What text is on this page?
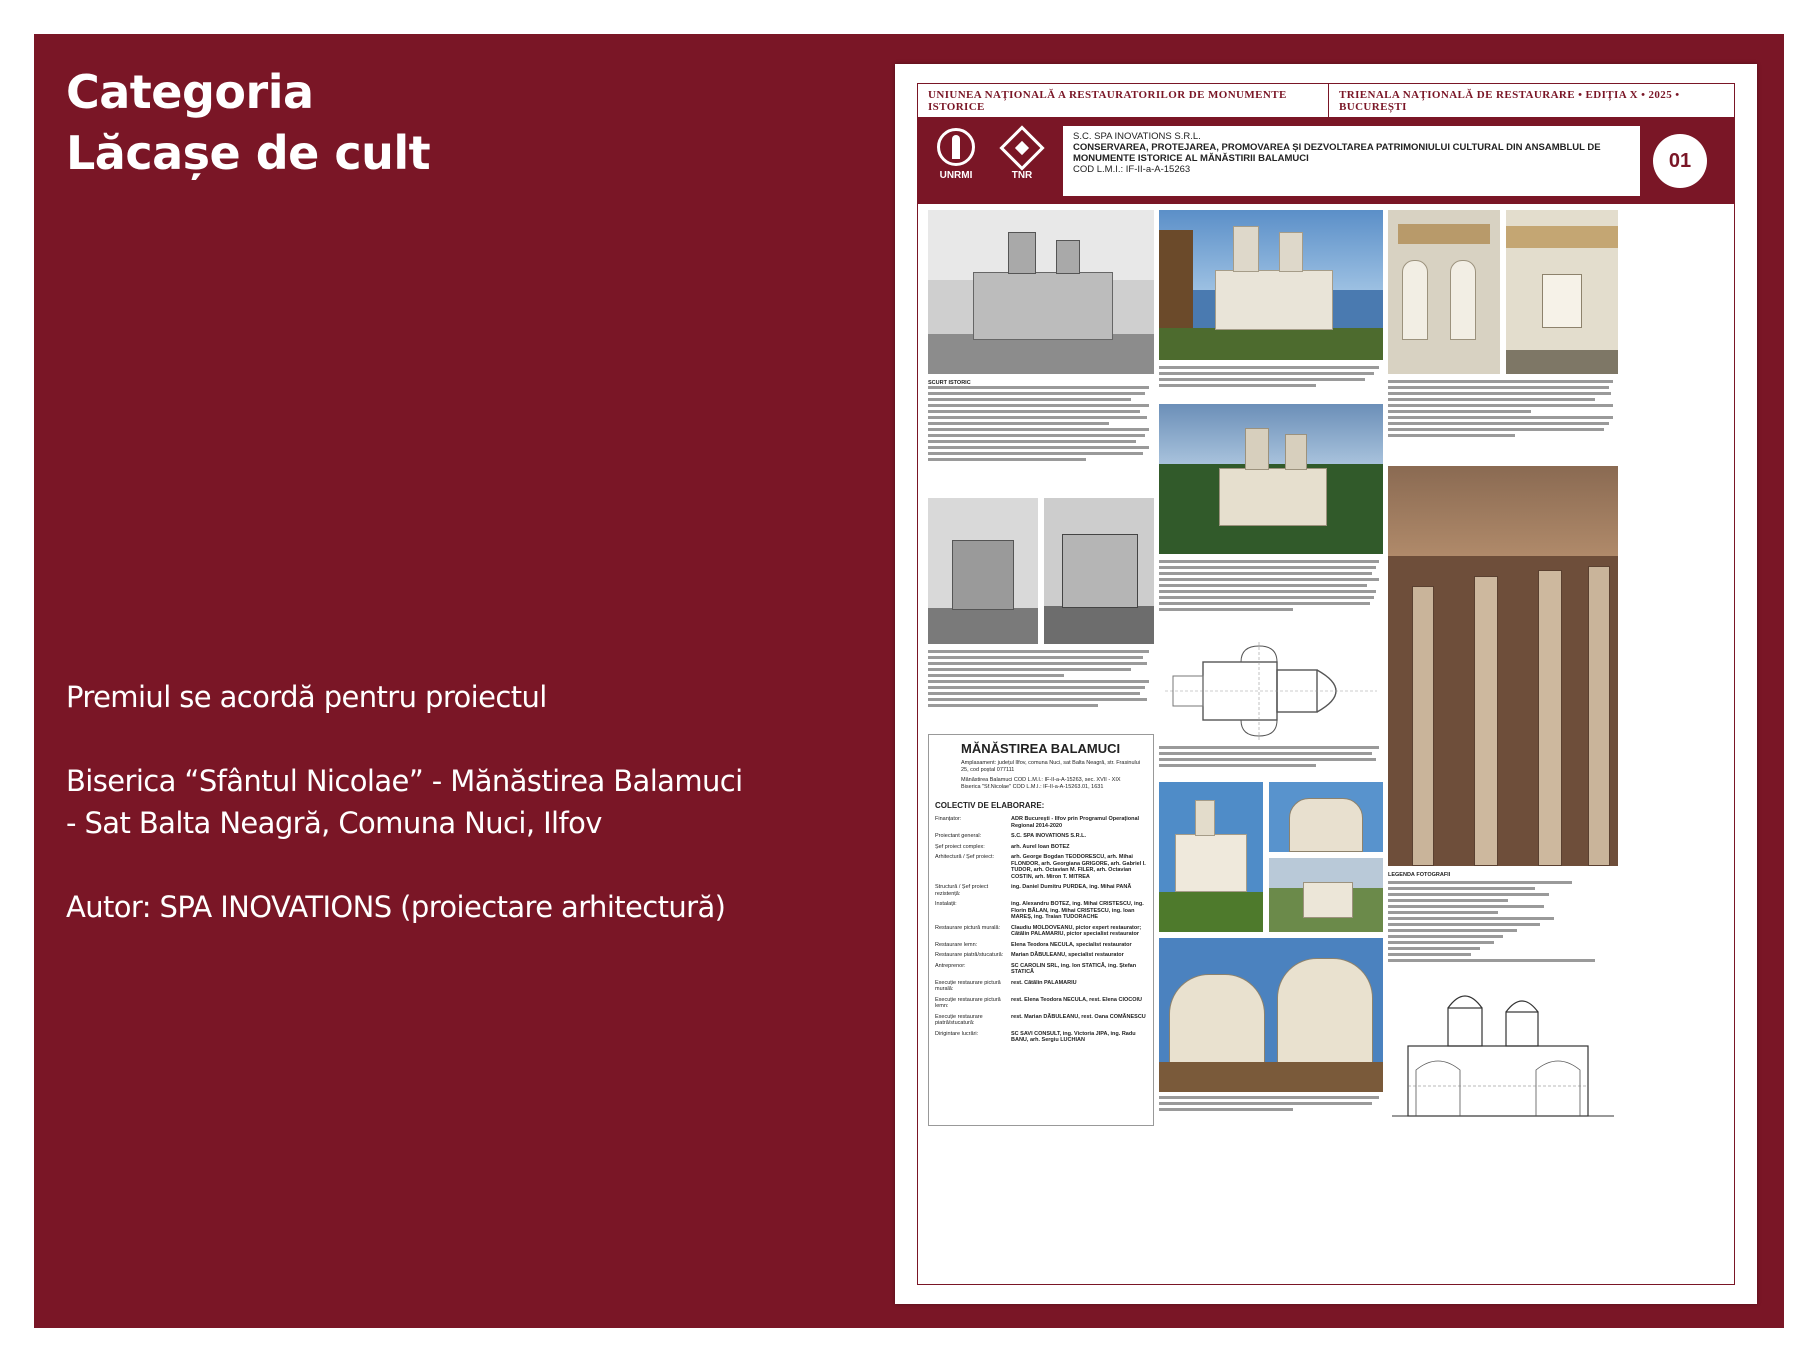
Categoria
Lăcașe de cult

Premiul se acordă pentru proiectul

Biserica “Sfântul Nicolae” - Mănăstirea Balamuci
- Sat Balta Neagră, Comuna Nuci, Ilfov

Autor: SPA INOVATIONS (proiectare arhitectură)

UNIUNEA NAȚIONALĂ A RESTAURATORILOR DE MONUMENTE ISTORICE
TRIENALA NAȚIONALĂ DE RESTAURARE • EDIȚIA X • 2025 • BUCUREȘTI
UNRMI	TNR
S.C. SPA INOVATIONS S.R.L.
CONSERVAREA, PROTEJAREA, PROMOVAREA ȘI DEZVOLTAREA PATRIMONIULUI CULTURAL DIN ANSAMBLUL DE MONUMENTE ISTORICE AL MĂNĂSTIRII BALAMUCI
COD L.M.I.: IF-II-a-A-15263	01
SCURT ISTORIC
MĂNĂSTIREA BALAMUCI
Amplasament: județul Ilfov, comuna Nuci, sat Balta Neagră, str. Frasinului 25, cod poștal 077111
Mănăstirea Balamuci COD L.M.I.: IF-II-a-A-15263, sec. XVII - XIX
Biserica "Sf.Nicolae" COD L.M.I.: IF-II-a-A-15263.01, 1631
COLECTIV DE ELABORARE:
Finanțator:	ADR București - Ilfov prin Programul Operațional Regional 2014-2020
Proiectant general:	S.C. SPA INOVATIONS S.R.L.
Șef proiect complex:	arh. Aurel Ioan BOTEZ
Arhitectură / Șef proiect:	arh. George Bogdan TEODORESCU, arh. Mihai FLONDOR, arh. Georgiana GRIGORE, arh. Gabriel I. TUDOR, arh. Octavian M. FILER, arh. Octavian COSTIN, arh. Miron T. MITREA
Structură / Șef proiect rezistență:
ing. Daniel Dumitru PURDEA, ing. Mihai PANĂ
Instalații:	ing. Alexandru BOTEZ, ing. Mihai CRISTESCU, ing. Florin BĂLAN, ing. Mihai CRISTESCU, ing. Ioan MAREȘ, ing. Traian TUDORACHE
Restaurare pictură murală:	Claudiu MOLDOVEANU, pictor expert restaurator; Cătălin PALAMARIU, pictor specialist restaurator
Restaurare lemn:	Elena Teodora NECULA, specialist restaurator
Restaurare piatră/stucatură:	Marian DĂBULEANU, specialist restaurator
Antreprenor:	SC CAROLIN SRL, ing. Ion STATICĂ, ing. Ștefan STATICĂ
Execuție restaurare pictură murală:
rest. Cătălin PALAMARIU
Execuție restaurare pictură lemn:
rest. Elena Teodora NECULA, rest. Elena CIOCOIU
Execuție restaurare piatră/stucatură:
rest. Marian DĂBULEANU, rest. Oana COMĂNESCU
Dirigintare lucrări:	SC SAVI CONSULT, ing. Victoria JIPA, ing. Radu BANU, arh. Sergiu LUCHIAN
LEGENDĂ FOTOGRAFII
